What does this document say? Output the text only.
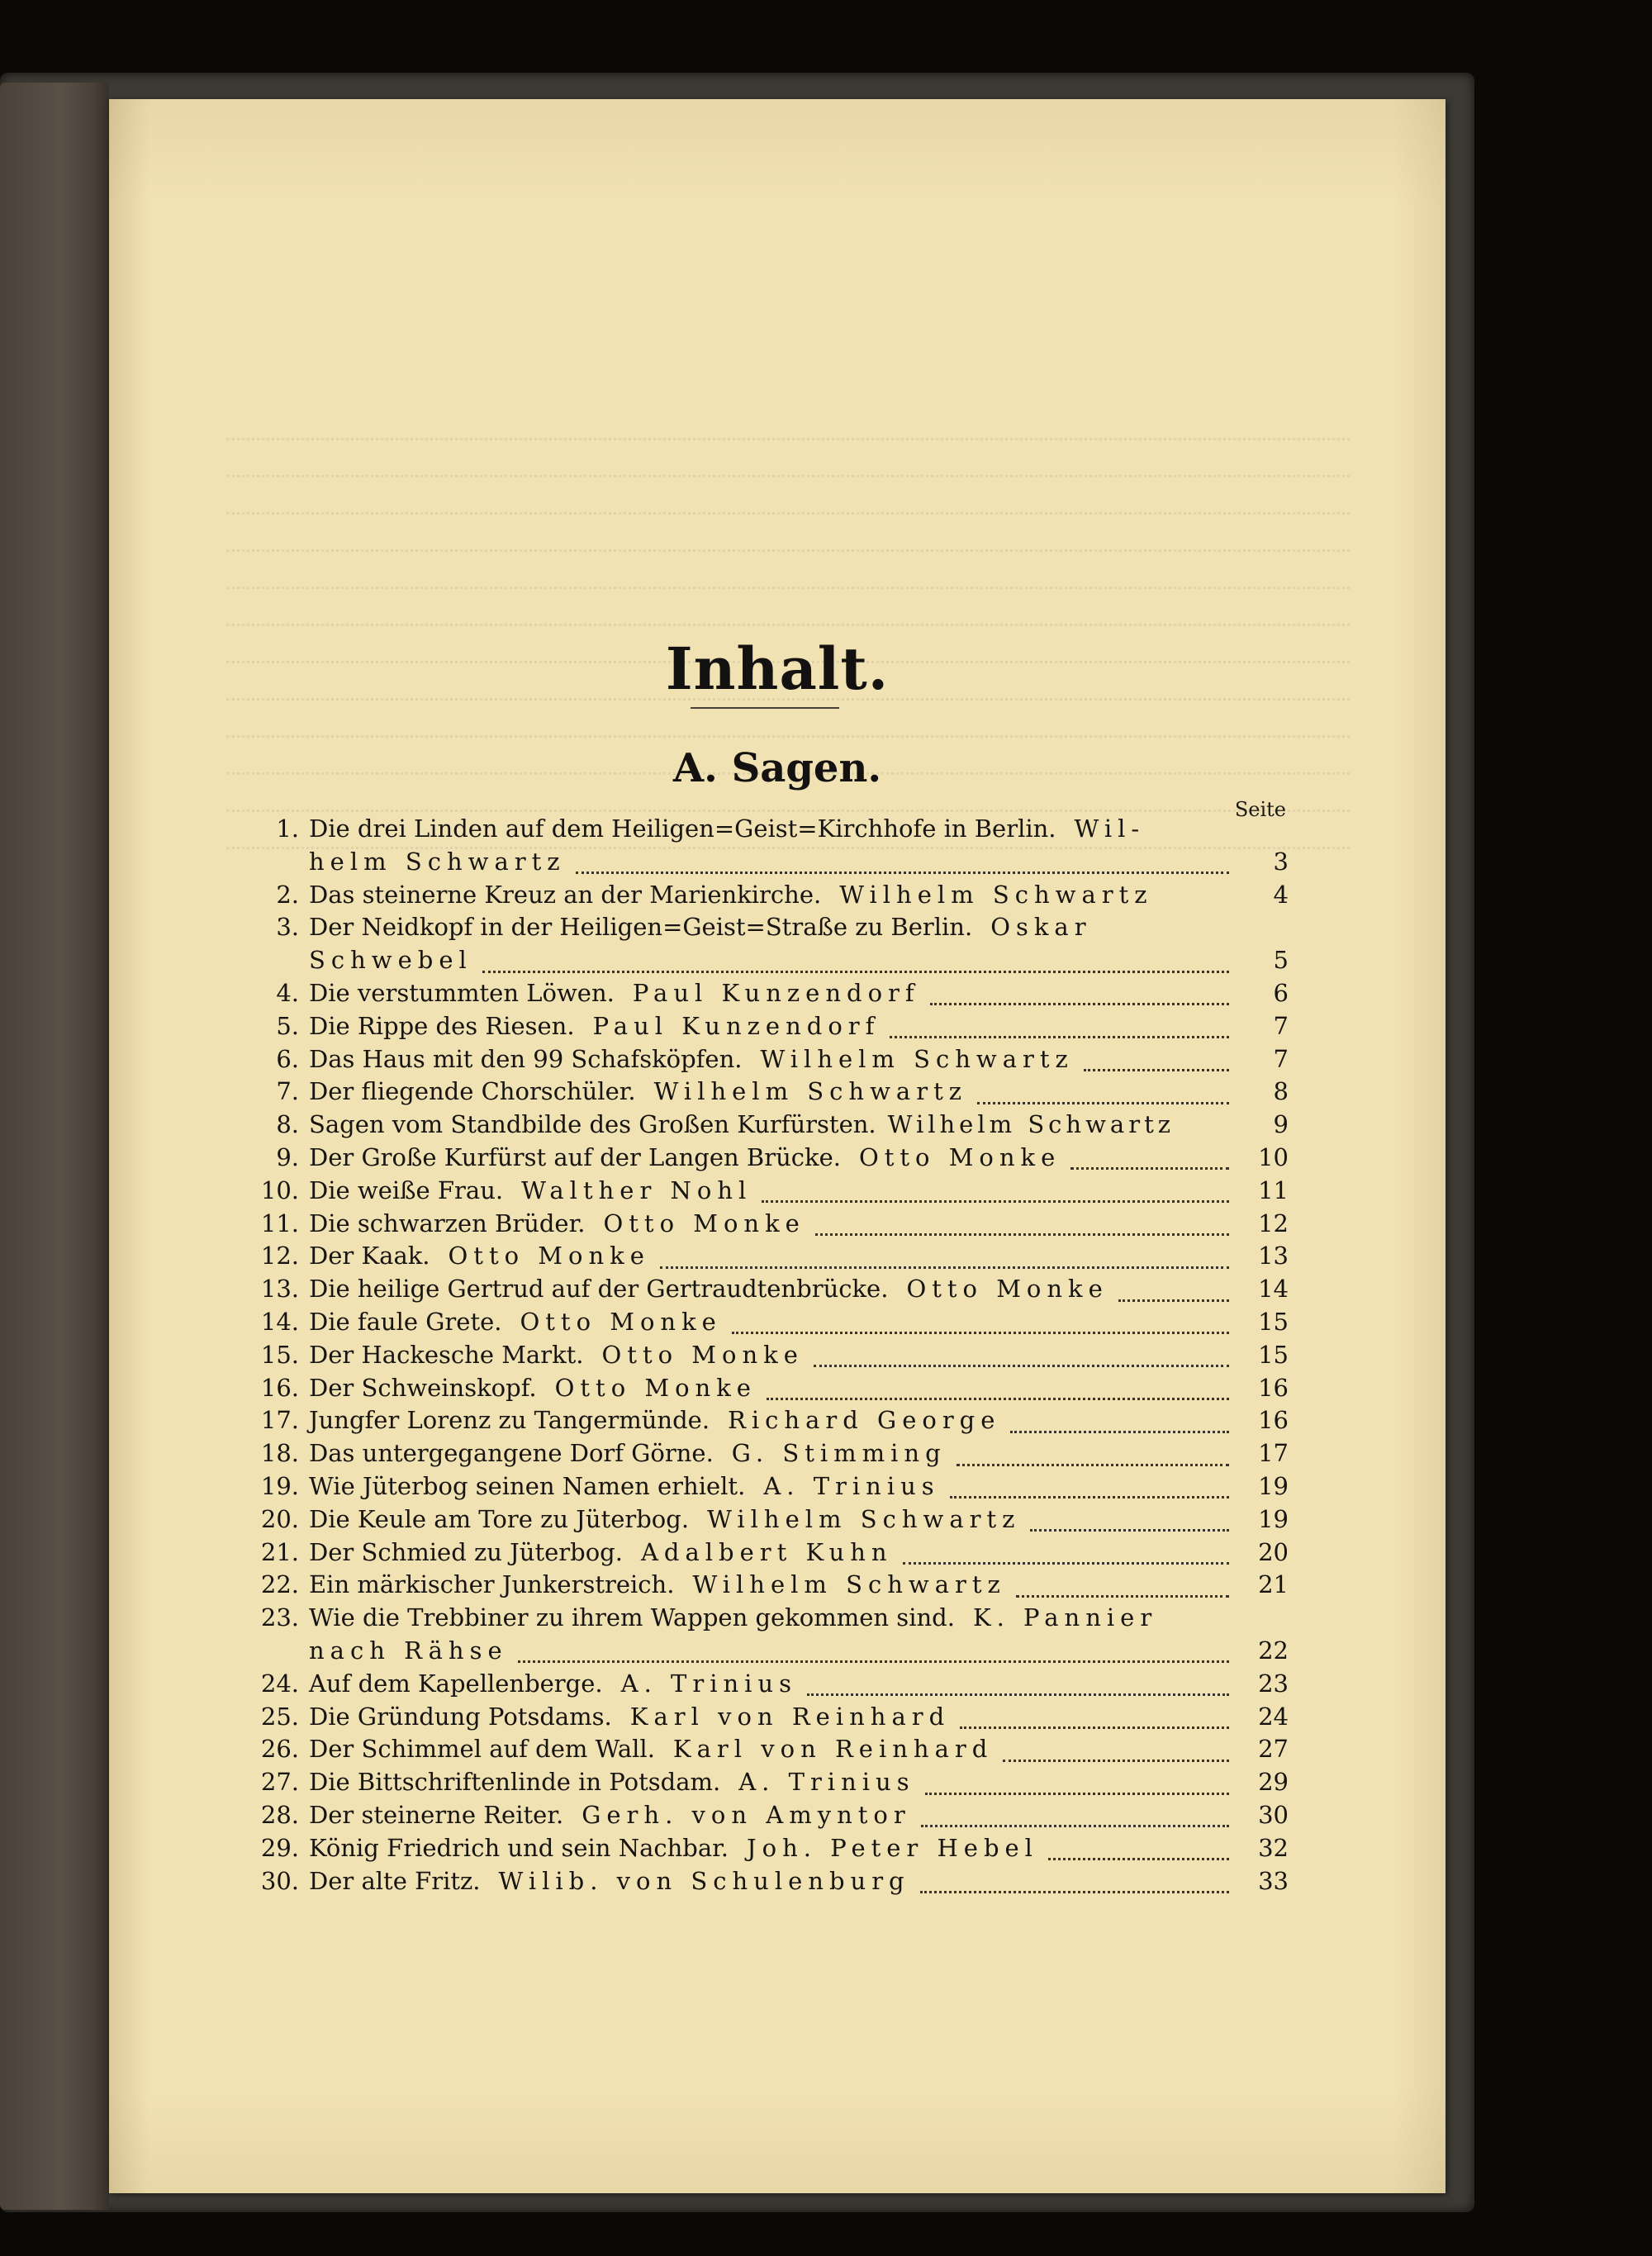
Inhalt.
A. Sagen.
Seite
1. Die drei Linden auf dem Heiligen=Geist=Kirchhofe in Berlin. Wil-
helm Schwartz	3
2. Das steinerne Kreuz an der Marienkirche. Wilhelm Schwartz	4
3. Der Neidkopf in der Heiligen=Geist=Straße zu Berlin. Oskar
Schwebel	5
4. Die verstummten Löwen. Paul Kunzendorf	6
5. Die Rippe des Riesen. Paul Kunzendorf	7
6. Das Haus mit den 99 Schafsköpfen. Wilhelm Schwartz	7
7. Der fliegende Chorschüler. Wilhelm Schwartz	8
8. Sagen vom Standbilde des Großen Kurfürsten. Wilhelm Schwartz	9
9. Der Große Kurfürst auf der Langen Brücke. Otto Monke	10
10. Die weiße Frau. Walther Nohl	11
11. Die schwarzen Brüder. Otto Monke	12
12. Der Kaak. Otto Monke	13
13. Die heilige Gertrud auf der Gertraudtenbrücke. Otto Monke	14
14. Die faule Grete. Otto Monke	15
15. Der Hackesche Markt. Otto Monke	15
16. Der Schweinskopf. Otto Monke	16
17. Jungfer Lorenz zu Tangermünde. Richard George	16
18. Das untergegangene Dorf Görne. G. Stimming	17
19. Wie Jüterbog seinen Namen erhielt. A. Trinius	19
20. Die Keule am Tore zu Jüterbog. Wilhelm Schwartz	19
21. Der Schmied zu Jüterbog. Adalbert Kuhn	20
22. Ein märkischer Junkerstreich. Wilhelm Schwartz	21
23. Wie die Trebbiner zu ihrem Wappen gekommen sind. K. Pannier
nach Rähse	22
24. Auf dem Kapellenberge. A. Trinius	23
25. Die Gründung Potsdams. Karl von Reinhard	24
26. Der Schimmel auf dem Wall. Karl von Reinhard	27
27. Die Bittschriftenlinde in Potsdam. A. Trinius	29
28. Der steinerne Reiter. Gerh. von Amyntor	30
29. König Friedrich und sein Nachbar. Joh. Peter Hebel	32
30. Der alte Fritz. Wilib. von Schulenburg	33
